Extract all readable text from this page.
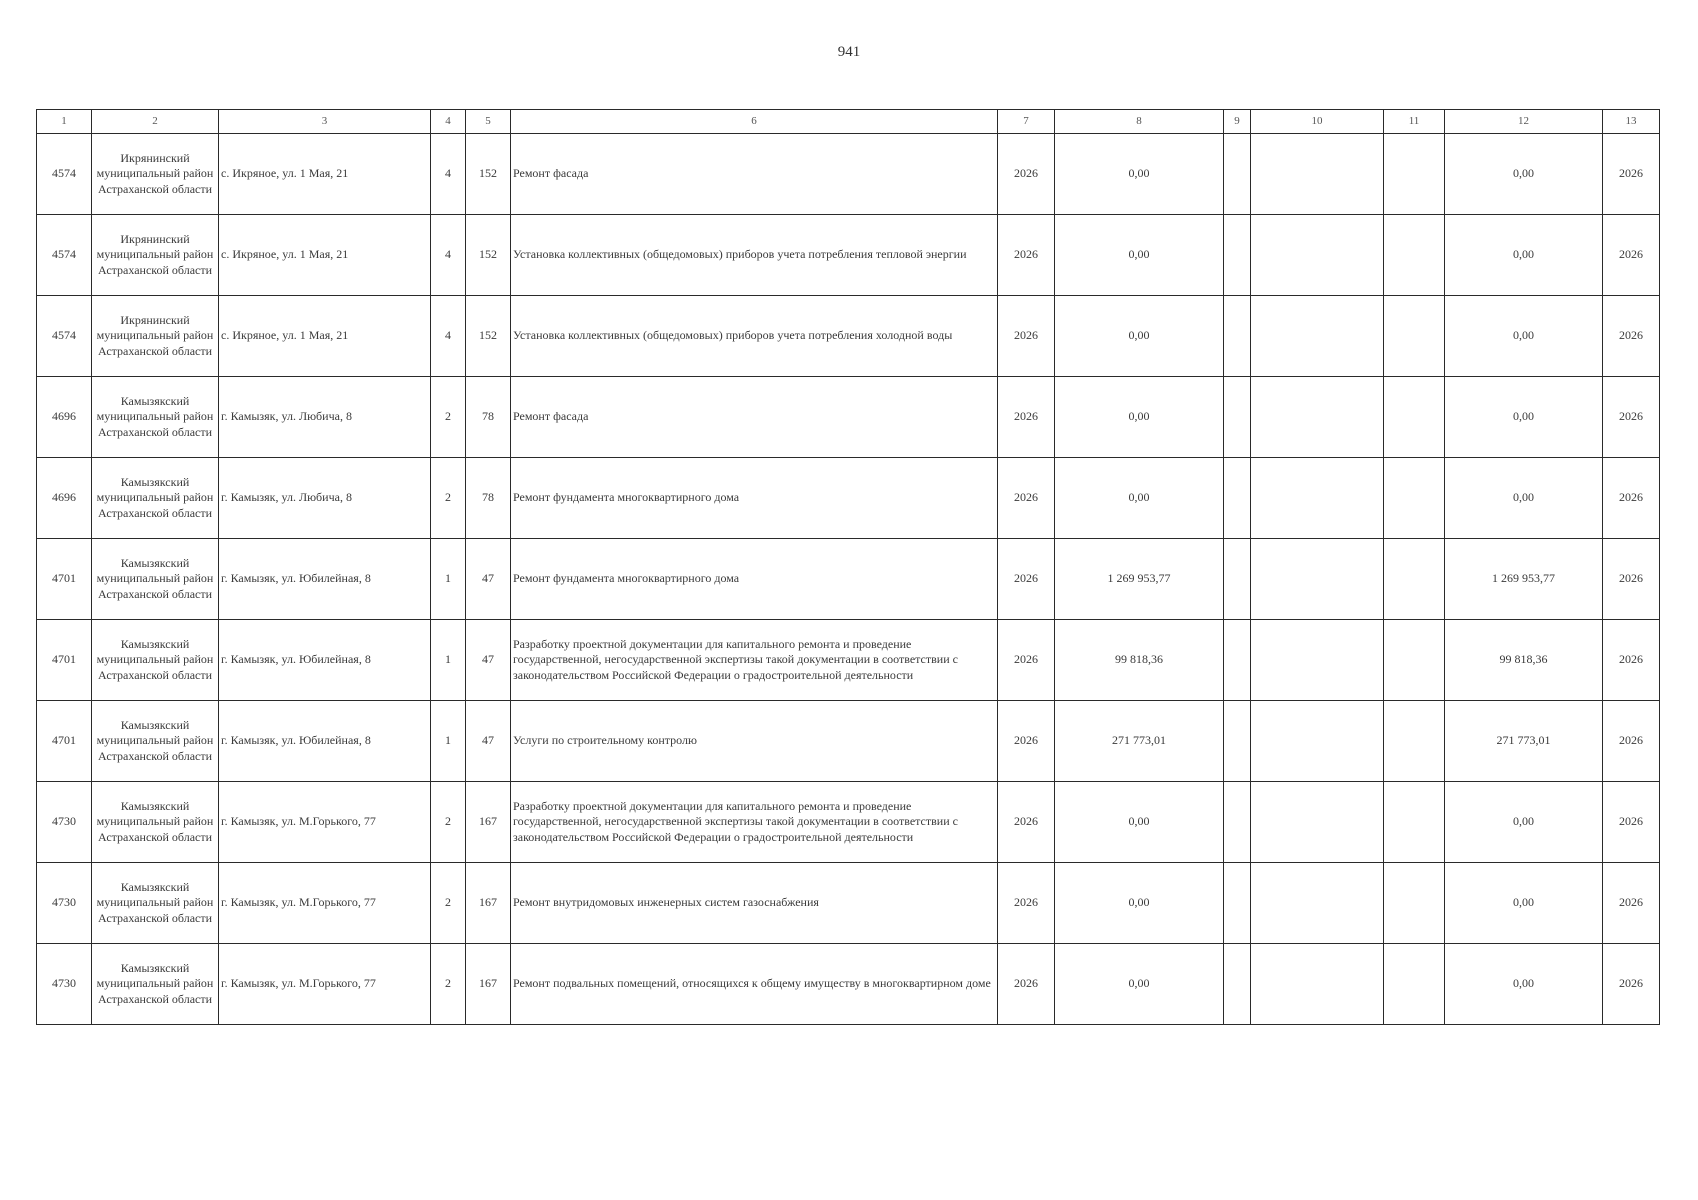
941
1	2	3	4	5	6	7	8	9	10	11	12	13
4574	Икрянинский муниципальный район Астраханской области	с. Икряное, ул. 1 Мая, 21	4	152	Ремонт фасада	2026	0,00				0,00	2026
4574	Икрянинский муниципальный район Астраханской области	с. Икряное, ул. 1 Мая, 21	4	152	Установка коллективных (общедомовых) приборов учета потребления тепловой энергии	2026	0,00				0,00	2026
4574	Икрянинский муниципальный район Астраханской области	с. Икряное, ул. 1 Мая, 21	4	152	Установка коллективных (общедомовых) приборов учета потребления холодной воды	2026	0,00				0,00	2026
4696	Камызякский муниципальный район Астраханской области	г. Камызяк, ул. Любича, 8	2	78	Ремонт фасада	2026	0,00				0,00	2026
4696	Камызякский муниципальный район Астраханской области	г. Камызяк, ул. Любича, 8	2	78	Ремонт фундамента многоквартирного дома	2026	0,00				0,00	2026
4701	Камызякский муниципальный район Астраханской области	г. Камызяк, ул. Юбилейная, 8	1	47	Ремонт фундамента многоквартирного дома	2026	1 269 953,77				1 269 953,77	2026
4701	Камызякский муниципальный район Астраханской области	г. Камызяк, ул. Юбилейная, 8	1	47	Разработку проектной документации для капитального ремонта и проведение государственной, негосударственной экспертизы такой документации в соответствии с законодательством Российской Федерации о градостроительной деятельности	2026	99 818,36				99 818,36	2026
4701	Камызякский муниципальный район Астраханской области	г. Камызяк, ул. Юбилейная, 8	1	47	Услуги по строительному контролю	2026	271 773,01				271 773,01	2026
4730	Камызякский муниципальный район Астраханской области	г. Камызяк, ул. М.Горького, 77	2	167	Разработку проектной документации для капитального ремонта и проведение государственной, негосударственной экспертизы такой документации в соответствии с законодательством Российской Федерации о градостроительной деятельности	2026	0,00				0,00	2026
4730	Камызякский муниципальный район Астраханской области	г. Камызяк, ул. М.Горького, 77	2	167	Ремонт внутридомовых инженерных систем газоснабжения	2026	0,00				0,00	2026
4730	Камызякский муниципальный район Астраханской области	г. Камызяк, ул. М.Горького, 77	2	167	Ремонт подвальных помещений, относящихся к общему имуществу в многоквартирном доме	2026	0,00				0,00	2026
